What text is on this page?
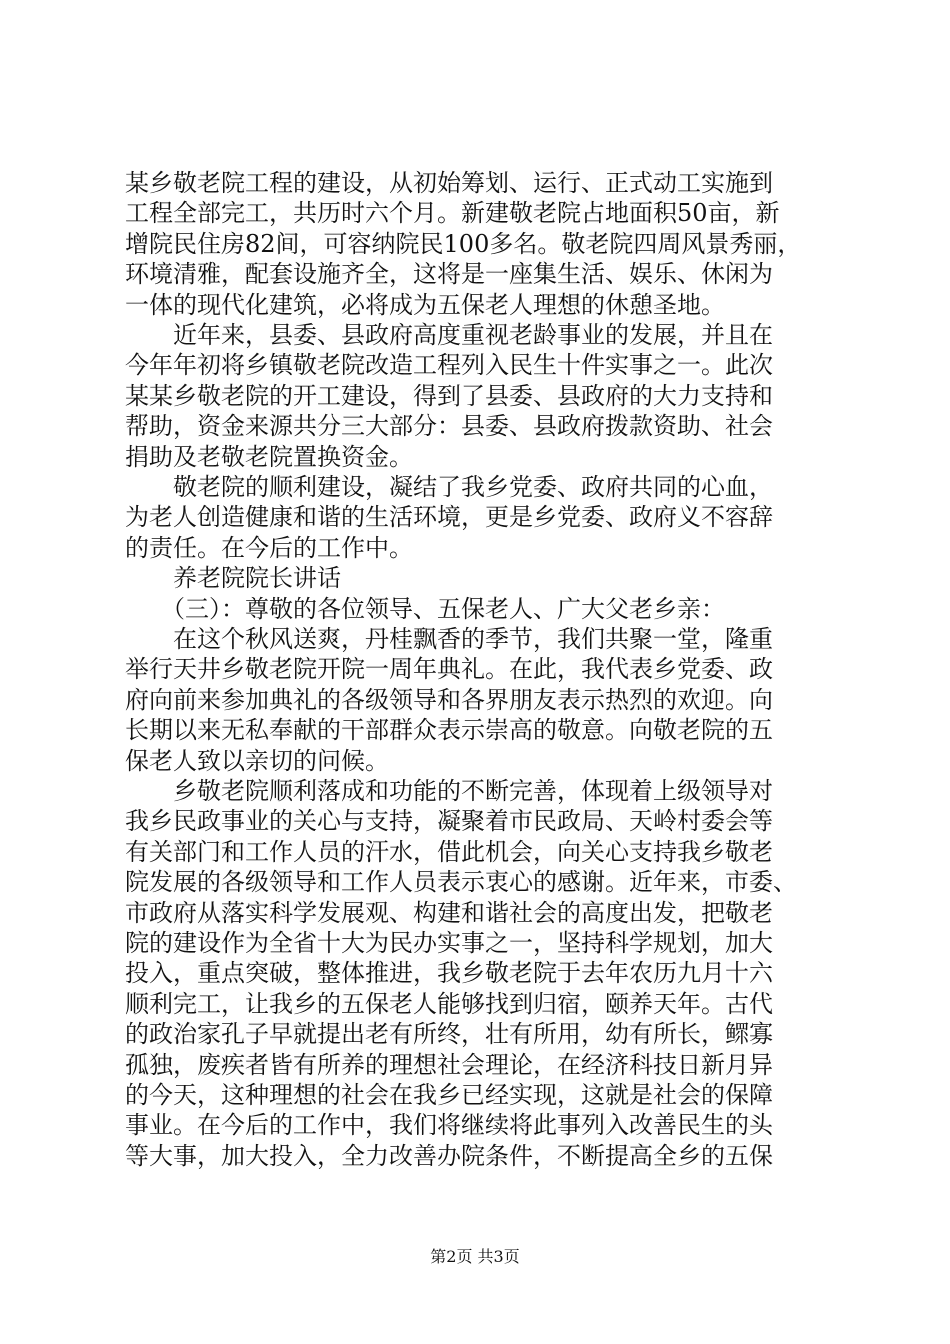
某乡敬老院工程的建设，从初始筹划、运行、正式动工实施到
工程全部完工，共历时六个月。新建敬老院占地面积50亩，新
增院民住房82间，可容纳院民100多名。敬老院四周风景秀丽，
环境清雅，配套设施齐全，这将是一座集生活、娱乐、休闲为
一体的现代化建筑，必将成为五保老人理想的休憩圣地。
　　近年来，县委、县政府高度重视老龄事业的发展，并且在
今年年初将乡镇敬老院改造工程列入民生十件实事之一。此次
某某乡敬老院的开工建设，得到了县委、县政府的大力支持和
帮助，资金来源共分三大部分：县委、县政府拨款资助、社会
捐助及老敬老院置换资金。
　　敬老院的顺利建设，凝结了我乡党委、政府共同的心血，
为老人创造健康和谐的生活环境，更是乡党委、政府义不容辞
的责任。在今后的工作中。
　　养老院院长讲话
　　（三）：尊敬的各位领导、五保老人、广大父老乡亲：
　　在这个秋风送爽，丹桂飘香的季节，我们共聚一堂，隆重
举行天井乡敬老院开院一周年典礼。在此，我代表乡党委、政
府向前来参加典礼的各级领导和各界朋友表示热烈的欢迎。向
长期以来无私奉献的干部群众表示崇高的敬意。向敬老院的五
保老人致以亲切的问候。
　　乡敬老院顺利落成和功能的不断完善，体现着上级领导对
我乡民政事业的关心与支持，凝聚着市民政局、天岭村委会等
有关部门和工作人员的汗水，借此机会，向关心支持我乡敬老
院发展的各级领导和工作人员表示衷心的感谢。近年来，市委、
市政府从落实科学发展观、构建和谐社会的高度出发，把敬老
院的建设作为全省十大为民办实事之一，坚持科学规划，加大
投入，重点突破，整体推进，我乡敬老院于去年农历九月十六
顺利完工，让我乡的五保老人能够找到归宿，颐养天年。古代
的政治家孔子早就提出老有所终，壮有所用，幼有所长，鳏寡
孤独，废疾者皆有所养的理想社会理论，在经济科技日新月异
的今天，这种理想的社会在我乡已经实现，这就是社会的保障
事业。在今后的工作中，我们将继续将此事列入改善民生的头
等大事，加大投入，全力改善办院条件，不断提高全乡的五保
第2页 共3页
